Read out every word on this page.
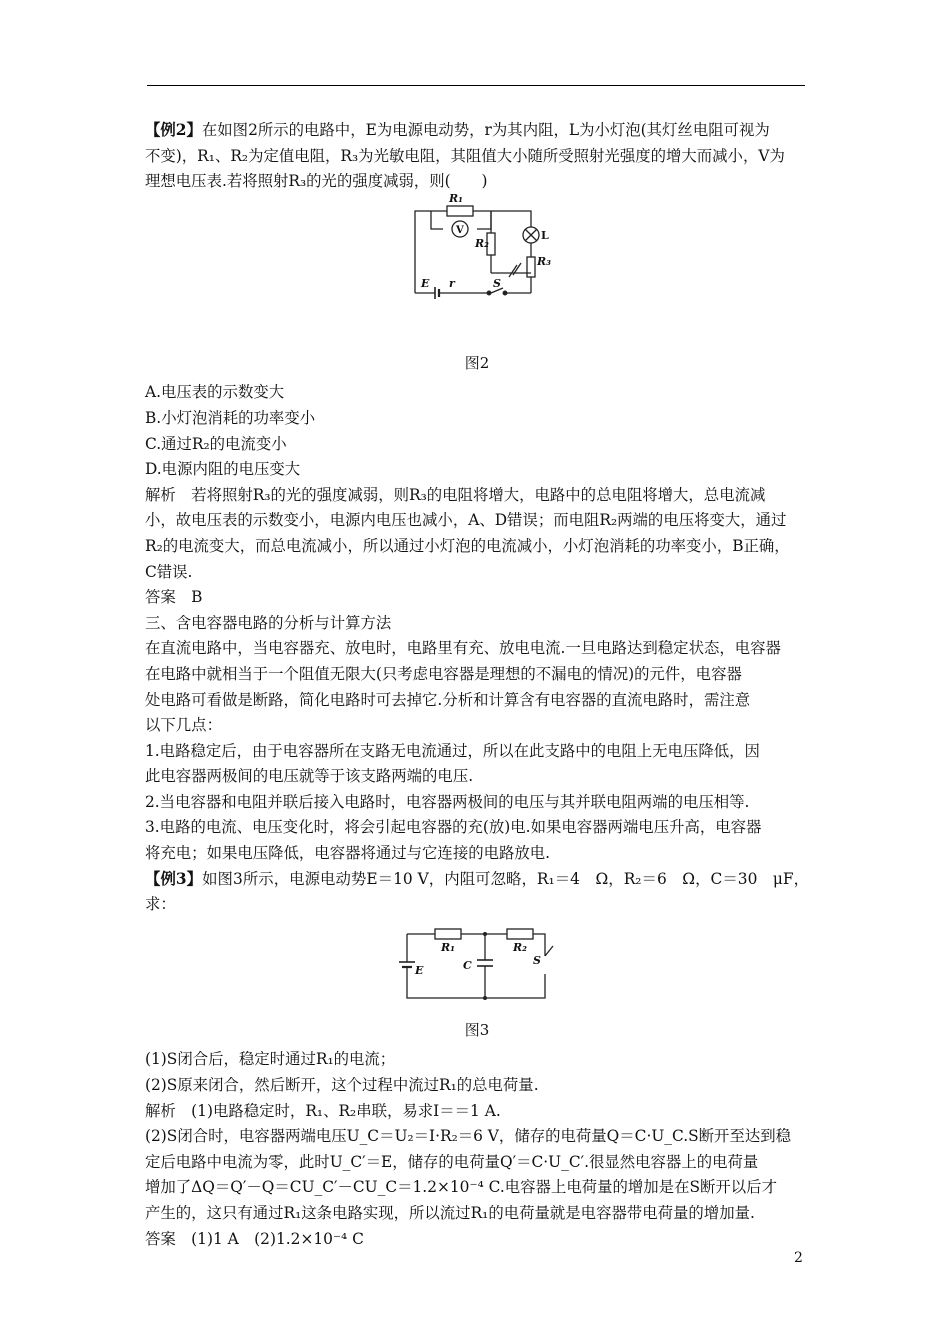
【例2】在如图2所示的电路中，E为电源电动势，r为其内阻，L为小灯泡(其灯丝电阻可视为

不变)，R₁、R₂为定值电阻，R₃为光敏电阻，其阻值大小随所受照射光强度的增大而减小，V为

理想电压表.若将照射R₃的光的强度减弱，则(　　)

R₁
V
R₂
L
R₃
E r	S

图2

A.电压表的示数变大

B.小灯泡消耗的功率变小

C.通过R₂的电流变小

D.电源内阻的电压变大

解析　若将照射R₃的光的强度减弱，则R₃的电阻将增大，电路中的总电阻将增大，总电流减

小，故电压表的示数变小，电源内电压也减小，A、D错误；而电阻R₂两端的电压将变大，通过

R₂的电流变大，而总电流减小，所以通过小灯泡的电流减小，小灯泡消耗的功率变小，B正确，

C错误.

答案　B

三、含电容器电路的分析与计算方法

在直流电路中，当电容器充、放电时，电路里有充、放电电流.一旦电路达到稳定状态，电容器

在电路中就相当于一个阻值无限大(只考虑电容器是理想的不漏电的情况)的元件，电容器

处电路可看做是断路，简化电路时可去掉它.分析和计算含有电容器的直流电路时，需注意

以下几点：

1.电路稳定后，由于电容器所在支路无电流通过，所以在此支路中的电阻上无电压降低，因

此电容器两极间的电压就等于该支路两端的电压.

2.当电容器和电阻并联后接入电路时，电容器两极间的电压与其并联电阻两端的电压相等.

3.电路的电流、电压变化时，将会引起电容器的充(放)电.如果电容器两端电压升高，电容器

将充电；如果电压降低，电容器将通过与它连接的电路放电.

【例3】如图3所示，电源电动势E＝10 V，内阻可忽略，R₁＝4　Ω，R₂＝6　Ω，C＝30　μF，求：

R₁	R₂
C
E
S

图3

(1)S闭合后，稳定时通过R₁的电流；

(2)S原来闭合，然后断开，这个过程中流过R₁的总电荷量.

解析　(1)电路稳定时，R₁、R₂串联，易求I＝＝1 A.

(2)S闭合时，电容器两端电压U_C＝U₂＝I·R₂＝6 V，储存的电荷量Q＝C·U_C.S断开至达到稳

定后电路中电流为零，此时U_C′＝E，储存的电荷量Q′＝C·U_C′.很显然电容器上的电荷量

增加了ΔQ＝Q′－Q＝CU_C′－CU_C＝1.2×10⁻⁴ C.电容器上电荷量的增加是在S断开以后才

产生的，这只有通过R₁这条电路实现，所以流过R₁的电荷量就是电容器带电荷量的增加量.

答案　(1)1 A　(2)1.2×10⁻⁴ C

2
